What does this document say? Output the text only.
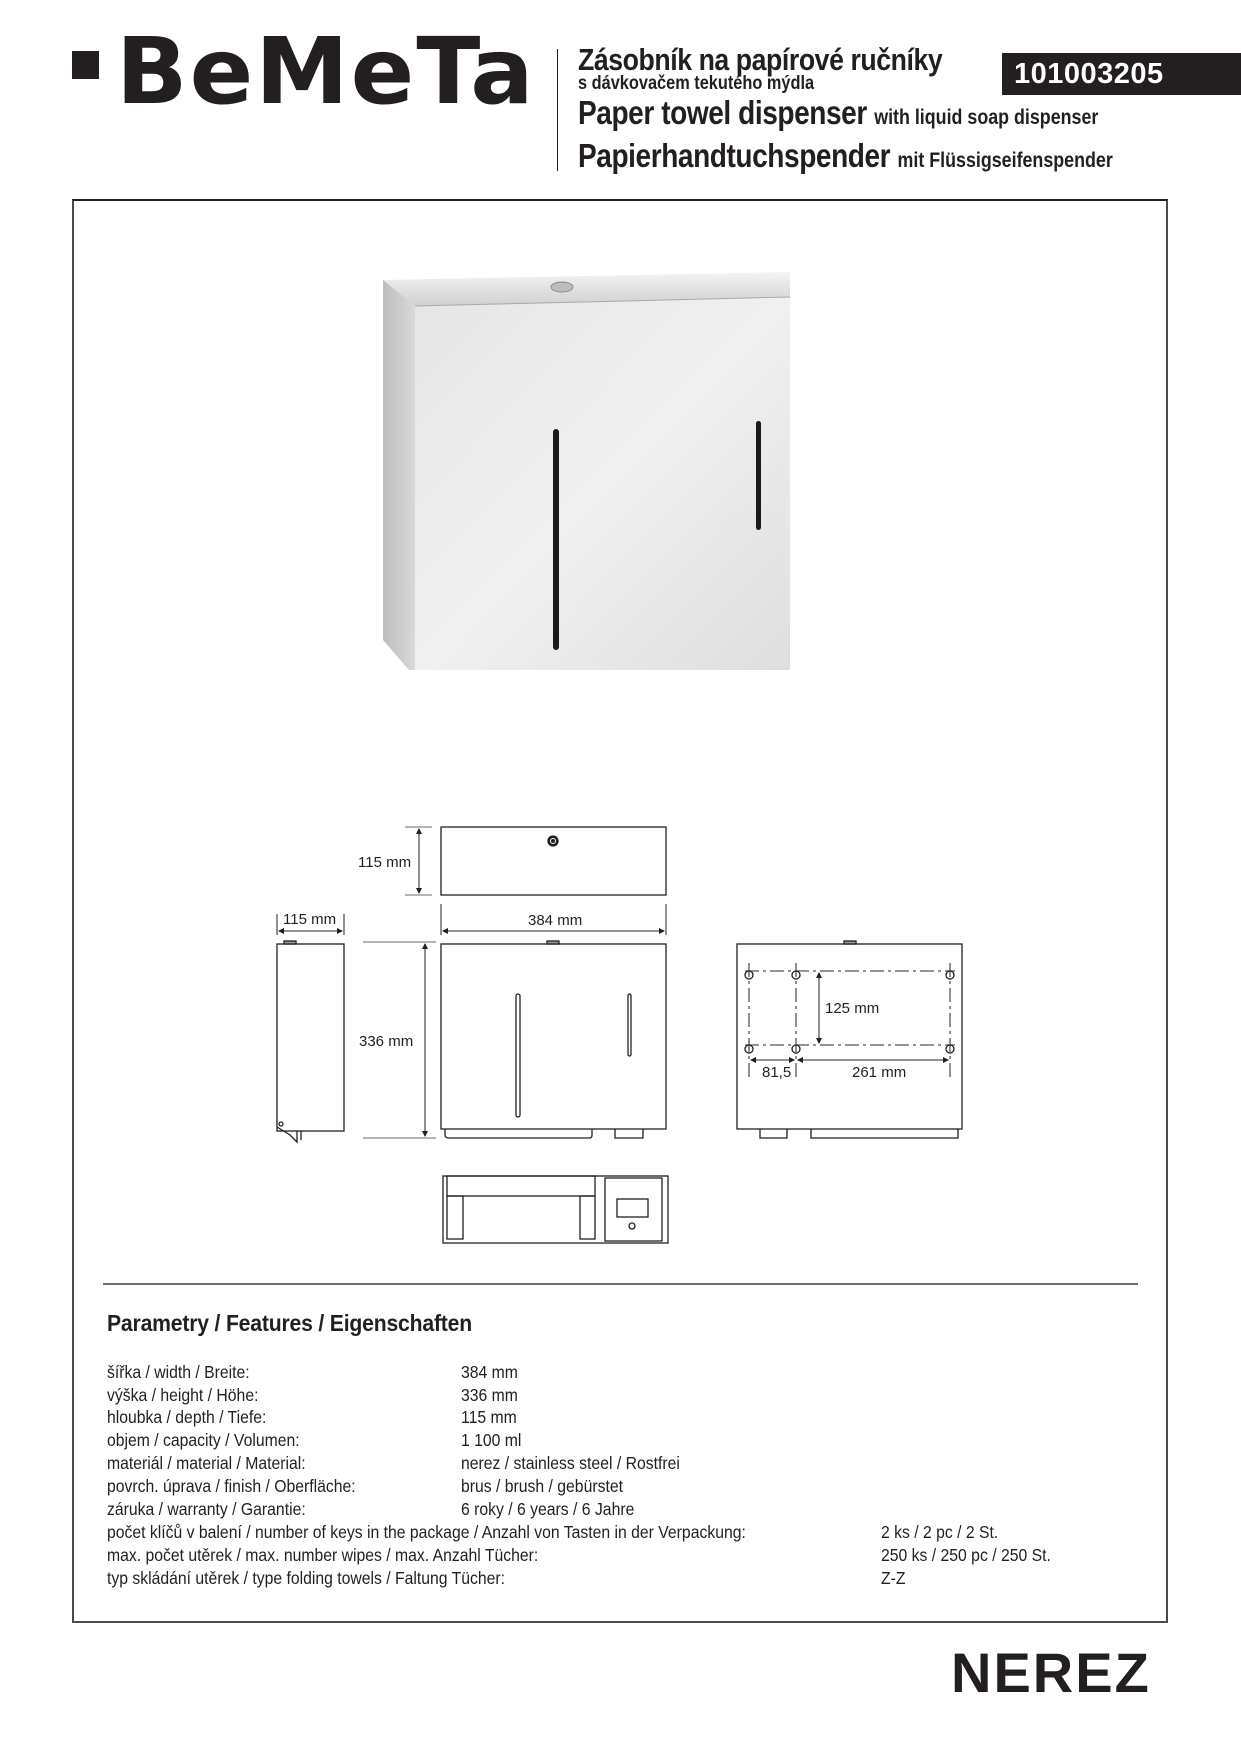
BeMeTa Zásobník na papírové ručníky
s dávkovačem tekutého mýdla
Paper towel dispenser with liquid soap dispenser
Papierhandtuchspender mit Flüssigseifenspender
101003205
115 mm
115 mm	384 mm
336 mm
125 mm
81,5	261 mm
Parametry / Features / Eigenschaften
šířka / width / Breite:	384 mm
výška / height / Höhe:	336 mm
hloubka / depth / Tiefe:	115 mm
objem / capacity / Volumen:	1 100 ml
materiál / material / Material:	nerez / stainless steel / Rostfrei
povrch. úprava / finish / Oberfläche:	brus / brush / gebürstet
záruka / warranty / Garantie:	6 roky / 6 years / 6 Jahre
počet klíčů v balení / number of keys in the package / Anzahl von Tasten in der Verpackung:	2 ks / 2 pc / 2 St.
max. počet utěrek / max. number wipes / max. Anzahl Tücher:	250 ks / 250 pc / 250 St.
typ skládání utěrek / type folding towels / Faltung Tücher:	Z-Z
NEREZ
